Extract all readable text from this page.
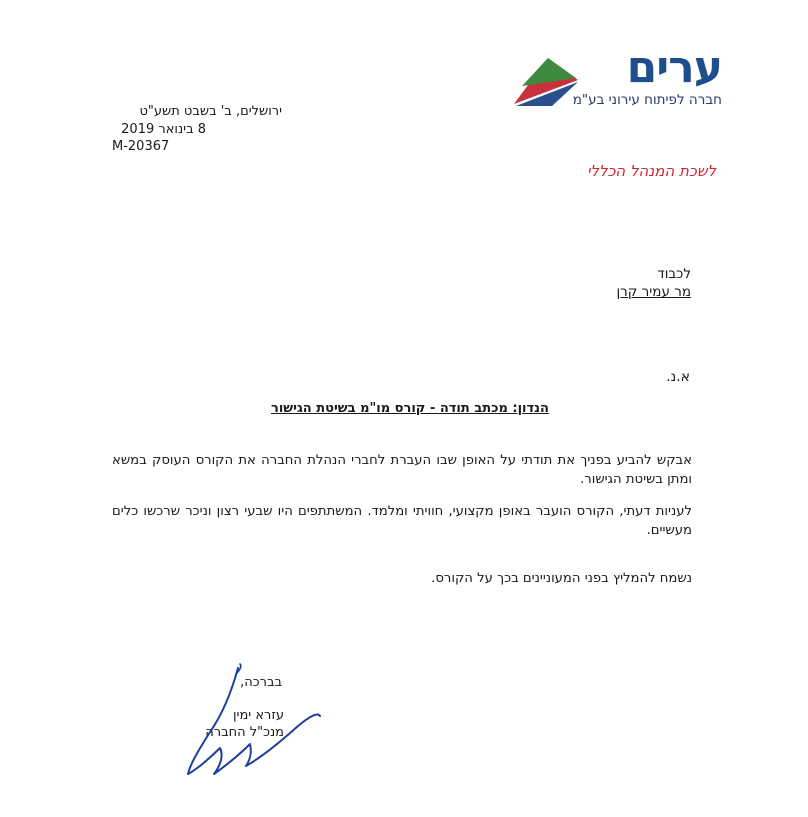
ערים
חברה לפיתוח עירוני בע"מ
ירושלים, ב' בשבט תשע"ט
8 בינואר 2019
M-20367
לשכת המנהל הכללי
לכבוד
מר עמיר קרן
א.נ.
הנדון: מכתב תודה - קורס מו"מ בשיטת הגישור
אבקש להביע בפניך את תודתי על האופן שבו העברת לחברי הנהלת החברה את הקורס העוסק במשא ומתן בשיטת הגישור.
לעניות דעתי, הקורס הועבר באופן מקצועי, חוויתי ומלמד. המשתתפים היו שבעי רצון וניכר שרכשו כלים מעשיים.
נשמח להמליץ בפני המעוניינים בכך על הקורס.
בברכה,
עזרא ימין
מנכ"ל החברה
